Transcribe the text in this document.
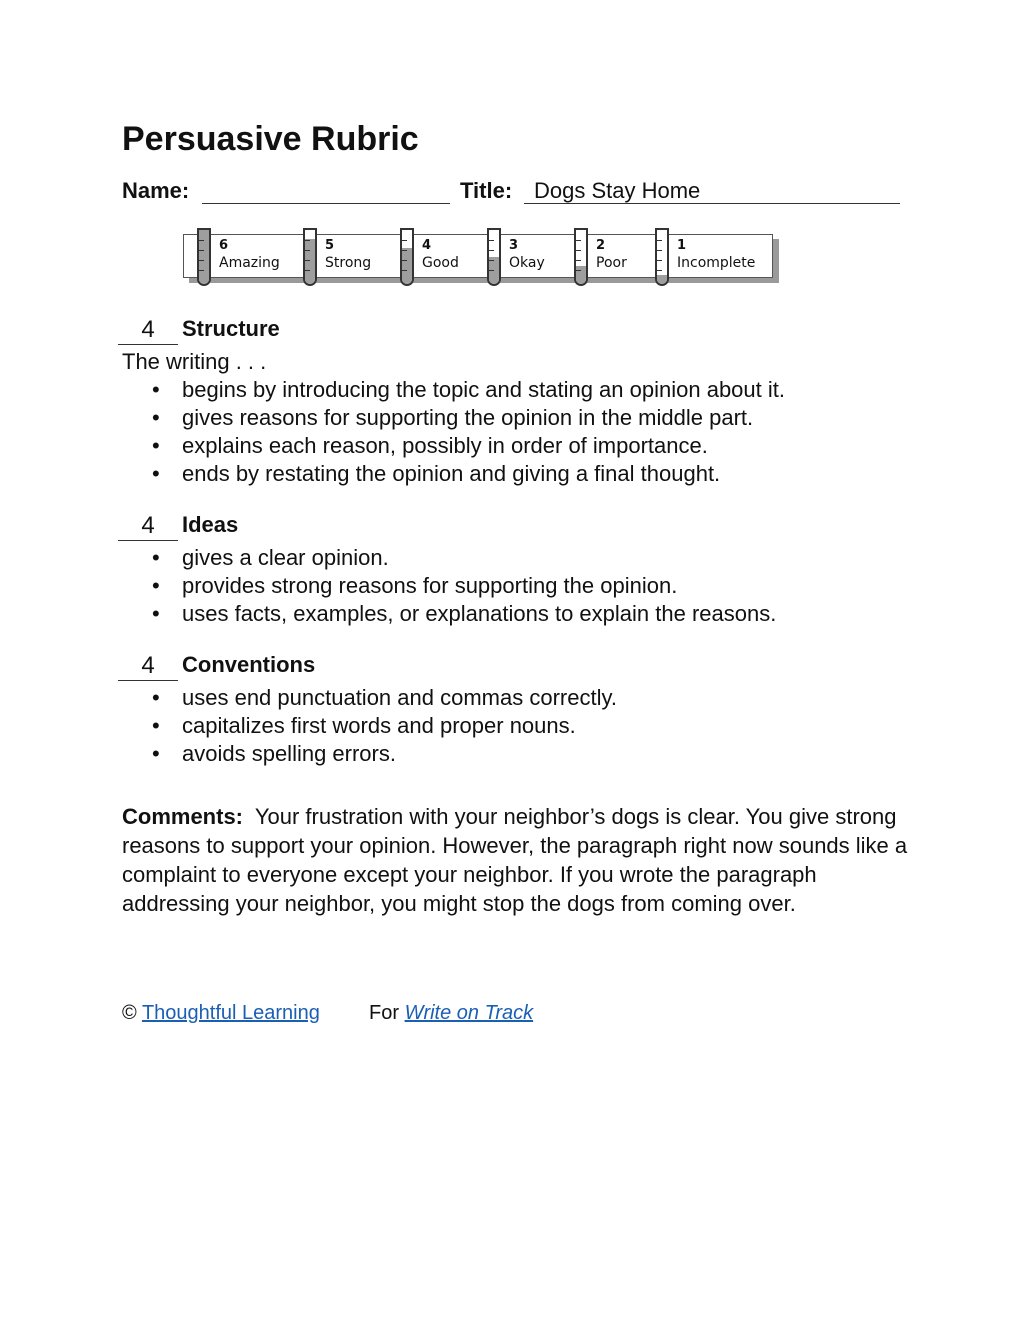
Persuasive Rubric
Name:	Title: Dogs Stay Home
6
Amazing
5
Strong
4
Good
3
Okay
2
Poor
1
Incomplete
4	Structure
The writing . . .
• begins by introducing the topic and stating an opinion about it.
• gives reasons for supporting the opinion in the middle part.
• explains each reason, possibly in order of importance.
• ends by restating the opinion and giving a final thought.
4	Ideas
• gives a clear opinion.
• provides strong reasons for supporting the opinion.
• uses facts, examples, or explanations to explain the reasons.
4	Conventions
• uses end punctuation and commas correctly.
• capitalizes first words and proper nouns.
• avoids spelling errors.

Comments: Your frustration with your neighbor’s dogs is clear. You give strong reasons to support your opinion. However, the paragraph right now sounds like a complaint to everyone except your neighbor. If you wrote the paragraph addressing your neighbor, you might stop the dogs from coming over.

© Thoughtful Learning For Write on Track
